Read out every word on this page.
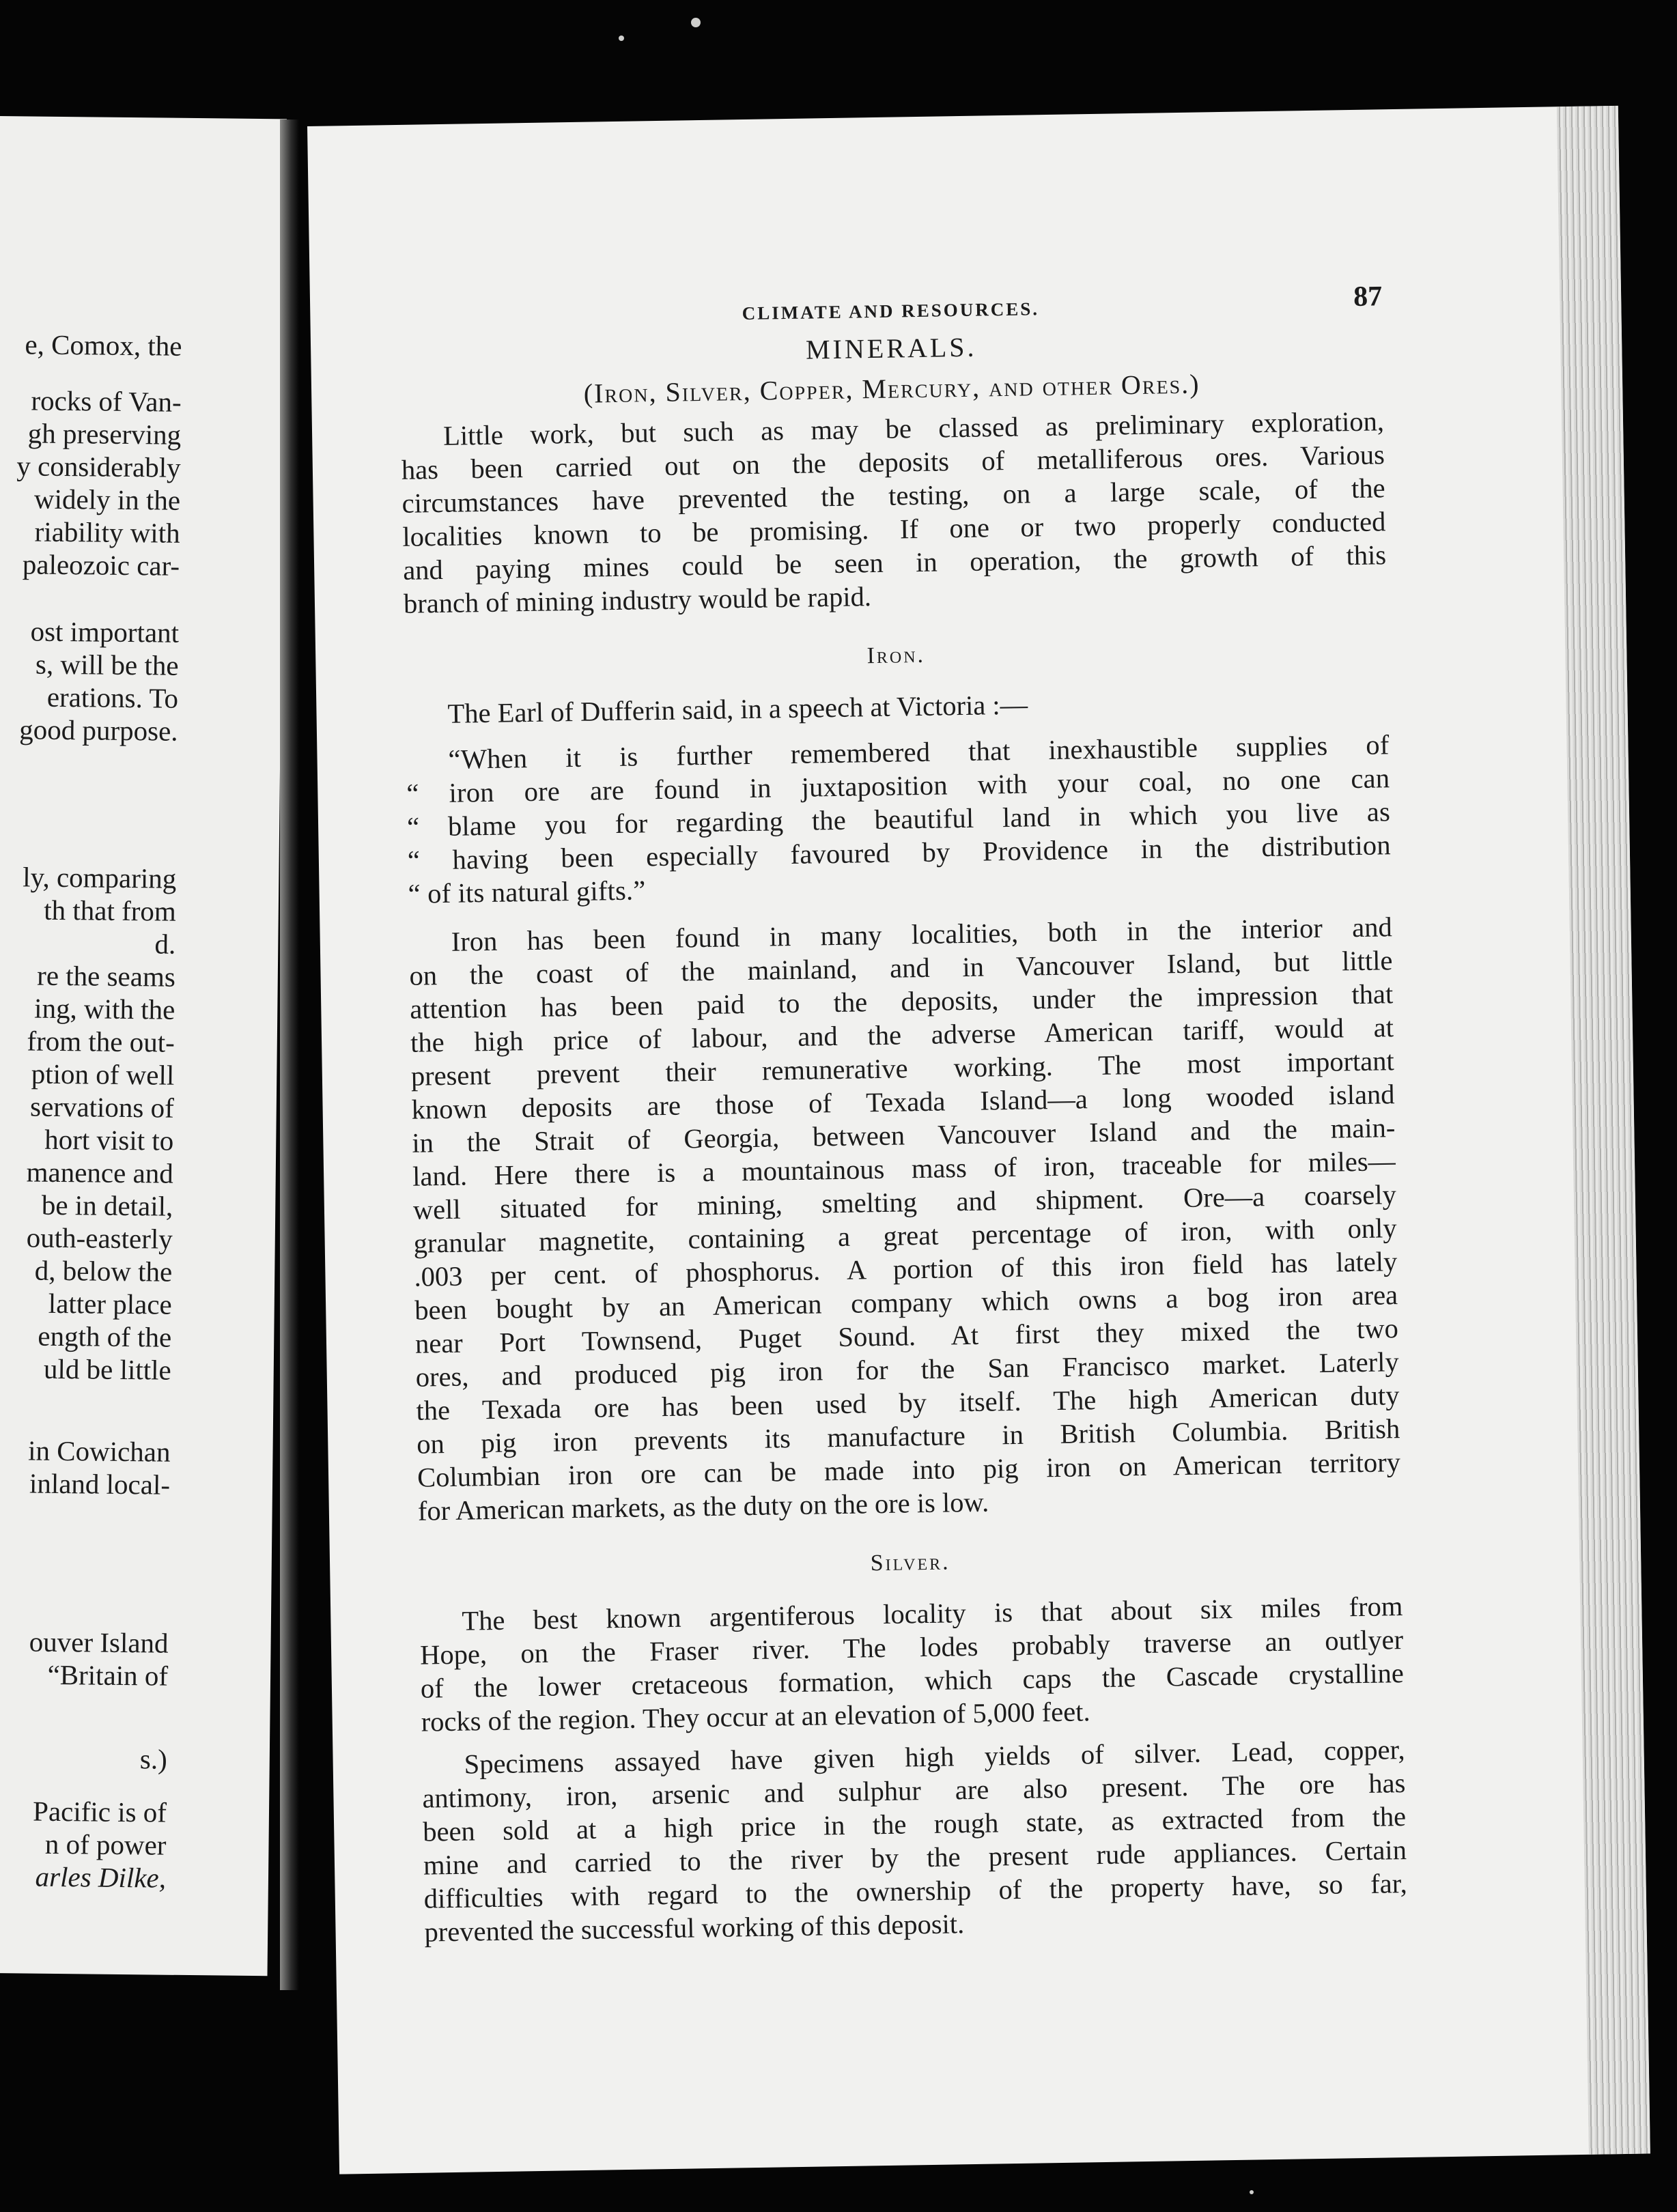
e, Comox, the
rocks of Van-
gh preserving
y considerably
widely in the
riability with
paleozoic car-
ost important
s, will be the
erations. To
good purpose.
ly, comparing
th that from
d.
re the seams
ing, with the
from the out-
ption of well
servations of
hort visit to
manence and
be in detail,
outh-easterly
d, below the
latter place
ength of the
uld be little
in Cowichan
inland local-
ouver Island
“Britain of
s.)
Pacific is of
n of power
arles Dilke,
CLIMATE AND RESOURCES.	87
MINERALS.
(Iron, Silver, Copper, Mercury, and other Ores.)
Little work, but such as may be classed as preliminary exploration,
has been carried out on the deposits of metalliferous ores. Various
circumstances have prevented the testing, on a large scale, of the
localities known to be promising. If one or two properly conducted
and paying mines could be seen in operation, the growth of this
branch of mining industry would be rapid.
Iron.
The Earl of Dufferin said, in a speech at Victoria :—
“When it is further remembered that inexhaustible supplies of
“ iron ore are found in juxtaposition with your coal, no one can
“ blame you for regarding the beautiful land in which you live as
“ having been especially favoured by Providence in the distribution
“ of its natural gifts.”
Iron has been found in many localities, both in the interior and
on the coast of the mainland, and in Vancouver Island, but little
attention has been paid to the deposits, under the impression that
the high price of labour, and the adverse American tariff, would at
present prevent their remunerative working. The most important
known deposits are those of Texada Island—a long wooded island
in the Strait of Georgia, between Vancouver Island and the main-
land. Here there is a mountainous mass of iron, traceable for miles—
well situated for mining, smelting and shipment. Ore—a coarsely
granular magnetite, containing a great percentage of iron, with only
.003 per cent. of phosphorus. A portion of this iron field has lately
been bought by an American company which owns a bog iron area
near Port Townsend, Puget Sound. At first they mixed the two
ores, and produced pig iron for the San Francisco market. Laterly
the Texada ore has been used by itself. The high American duty
on pig iron prevents its manufacture in British Columbia. British
Columbian iron ore can be made into pig iron on American territory
for American markets, as the duty on the ore is low.
Silver.
The best known argentiferous locality is that about six miles from
Hope, on the Fraser river. The lodes probably traverse an outlyer
of the lower cretaceous formation, which caps the Cascade crystalline
rocks of the region. They occur at an elevation of 5,000 feet.
Specimens assayed have given high yields of silver. Lead, copper,
antimony, iron, arsenic and sulphur are also present. The ore has
been sold at a high price in the rough state, as extracted from the
mine and carried to the river by the present rude appliances. Certain
difficulties with regard to the ownership of the property have, so far,
prevented the successful working of this deposit.
